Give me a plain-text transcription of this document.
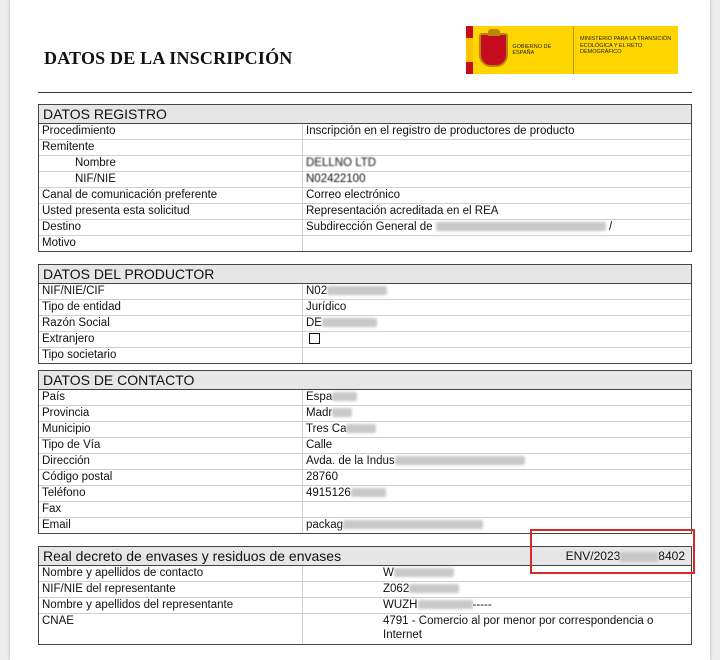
DATOS DE LA INSCRIPCIÓN
GOBIERNO DE ESPAÑA
MINISTERIO PARA LA TRANSICIÓN ECOLÓGICA Y EL RETO DEMOGRÁFICO
DATOS REGISTRO
Procedimiento	Inscripción en el registro de productores de producto
Remitente
Nombre	DELLNO LTD
NIF/NIE	N02422100
Canal de comunicación preferente	Correo electrónico
Usted presenta esta solicitud	Representación acreditada en el REA
Destino	Subdirección General de	/
Motivo
DATOS DEL PRODUCTOR
NIF/NIE/CIF	N02
Tipo de entidad	Jurídico
Razón Social	DE
Extranjero
Tipo societario
DATOS DE CONTACTO
País	Espa
Provincia	Madr
Municipio	Tres Ca
Tipo de Vía	Calle
Dirección	Avda. de la Indus
Código postal	28760
Teléfono	4915126
Fax
Email	packag
Real decreto de envases y residuos de envases	ENV/2023	8402
Nombre y apellidos de contacto	W
NIF/NIE del representante	Z062
Nombre y apellidos del representante	WUZH	-----
CNAE	4791 - Comercio al por menor por correspondencia o Internet
